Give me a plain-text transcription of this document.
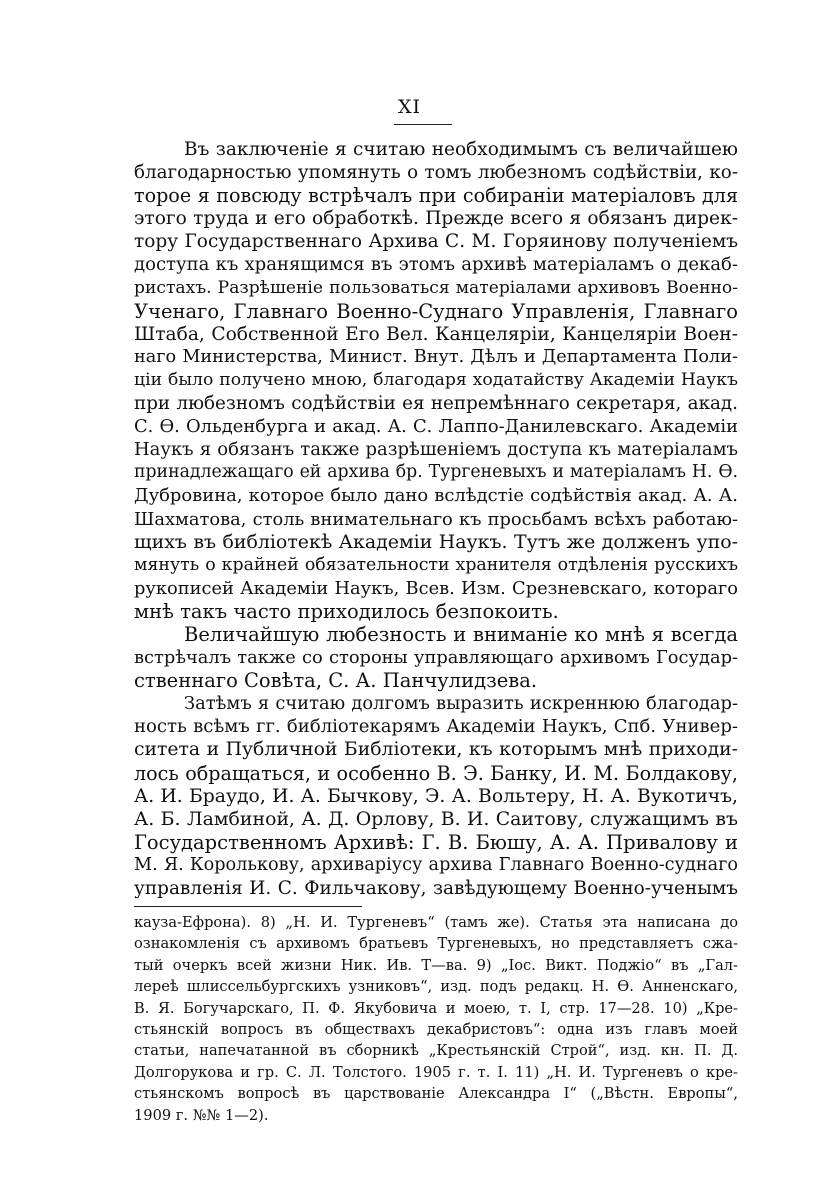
XI
Въ заключеніе я считаю необходимымъ съ величайшею
благодарностью упомянуть о томъ любезномъ содѣйствіи, ко-
торое я повсюду встрѣчалъ при собираніи матеріаловъ для
этого труда и его обработкѣ. Прежде всего я обязанъ дирек-
тору Государственнаго Архива С. М. Горяинову полученіемъ
доступа къ хранящимся въ этомъ архивѣ матеріаламъ о декаб-
ристахъ. Разрѣшеніе пользоваться матеріалами архивовъ Военно-
Ученаго, Главнаго Военно-Суднаго Управленія, Главнаго
Штаба, Собственной Его Вел. Канцеляріи, Канцеляріи Воен-
наго Министерства, Минист. Внут. Дѣлъ и Департамента Поли-
ціи было получено мною, благодаря ходатайству Академіи Наукъ
при любезномъ содѣйствіи ея непремѣннаго секретаря, акад.
С. Ѳ. Ольденбурга и акад. А. С. Лаппо-Данилевскаго. Академіи
Наукъ я обязанъ также разрѣшеніемъ доступа къ матеріаламъ
принадлежащаго ей архива бр. Тургеневыхъ и матеріаламъ Н. Ѳ.
Дубровина, которое было дано вслѣдстіе содѣйствія акад. А. А.
Шахматова, столь внимательнаго къ просьбамъ всѣхъ работаю-
щихъ въ библіотекѣ Академіи Наукъ. Тутъ же долженъ упо-
мянуть о крайней обязательности хранителя отдѣленія русскихъ
рукописей Академіи Наукъ, Всев. Изм. Срезневскаго, котораго
мнѣ такъ часто приходилось безпокоить.
Величайшую любезность и вниманіе ко мнѣ я всегда
встрѣчалъ также со стороны управляющаго архивомъ Государ-
ственнаго Совѣта, С. А. Панчулидзева.
Затѣмъ я считаю долгомъ выразить искреннюю благодар-
ность всѣмъ гг. библіотекарямъ Академіи Наукъ, Спб. Универ-
ситета и Публичной Библіотеки, къ которымъ мнѣ приходи-
лось обращаться, и особенно В. Э. Банку, И. М. Болдакову,
А. И. Браудо, И. А. Бычкову, Э. А. Вольтеру, Н. А. Вукотичъ,
А. Б. Ламбиной, А. Д. Орлову, В. И. Саитову, служащимъ въ
Государственномъ Архивѣ: Г. В. Бюшу, А. А. Привалову и
М. Я. Королькову, архиваріусу архива Главнаго Военно-суднаго
управленія И. С. Фильчакову, завѣдующему Военно-ученымъ
кауза-Ефрона). 8) „Н. И. Тургеневъ“ (тамъ же). Статья эта написана до
ознакомленія съ архивомъ братьевъ Тургеневыхъ, но представляетъ сжа-
тый очеркъ всей жизни Ник. Ив. Т—ва. 9) „Іос. Викт. Поджіо“ въ „Гал-
лереѣ шлиссельбургскихъ узниковъ“, изд. подъ редакц. Н. Ѳ. Анненскаго,
В. Я. Богучарскаго, П. Ф. Якубовича и моею, т. I, стр. 17—28. 10) „Кре-
стьянскій вопросъ въ обществахъ декабристовъ“: одна изъ главъ моей
статьи, напечатанной въ сборникѣ „Крестьянскій Строй“, изд. кн. П. Д.
Долгорукова и гр. С. Л. Толстого. 1905 г. т. I. 11) „Н. И. Тургеневъ о кре-
стьянскомъ вопросѣ въ царствованіе Александра I“ („Вѣстн. Европы“,
1909 г. №№ 1—2).
